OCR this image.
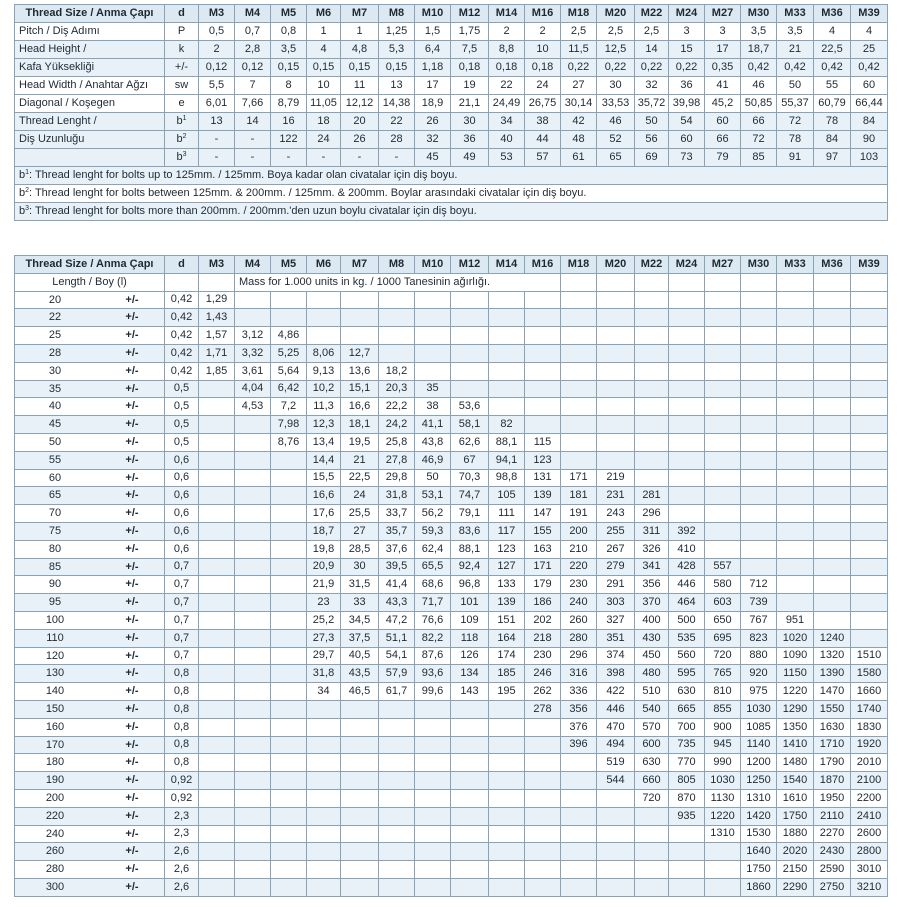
Thread Size / Anma Çapı	d	M3	M4	M5	M6	M7	M8	M10	M12	M14	M16	M18	M20	M22	M24	M27	M30	M33	M36	M39
Pitch / Diş Adımı	P	0,5	0,7	0,8	1	1	1,25	1,5	1,75	2	2	2,5	2,5	2,5	3	3	3,5	3,5	4	4
Head Height /	k	2	2,8	3,5	4	4,8	5,3	6,4	7,5	8,8	10	11,5	12,5	14	15	17	18,7	21	22,5	25
Kafa Yüksekliği	+/-	0,12	0,12	0,15	0,15	0,15	0,15	1,18	0,18	0,18	0,18	0,22	0,22	0,22	0,22	0,35	0,42	0,42	0,42	0,42
Head Width / Anahtar Ağzı	sw	5,5	7	8	10	11	13	17	19	22	24	27	30	32	36	41	46	50	55	60
Diagonal / Koşegen	e	6,01	7,66	8,79	11,05	12,12	14,38	18,9	21,1	24,49	26,75	30,14	33,53	35,72	39,98	45,2	50,85	55,37	60,79	66,44
Thread Lenght /	$b^1$	13	14	16	18	20	22	26	30	34	38	42	46	50	54	60	66	72	78	84
Diş Uzunluğu	$b^2$	-	-	122	24	26	28	32	36	40	44	48	52	56	60	66	72	78	84	90
	$b^3$	-	-	-	-	-	-	45	49	53	57	61	65	69	73	79	85	91	97	103
$b^1$: Thread lenght for bolts up to 125mm. / 125mm. Boya kadar olan civatalar için diş boyu.																				
$b^2$: Thread lenght for bolts between 125mm. & 200mm. / 125mm. & 200mm. Boylar arasındaki civatalar için diş boyu.																				
$b^3$: Thread lenght for bolts more than 200mm. / 200mm.'den uzun boylu civatalar için diş boyu.																				
Thread Size / Anma Çapı	d	M3	M4	M5	M6	M7	M8	M10	M12	M14	M16	M18	M20	M22	M24	M27	M30	M33	M36	M39
Length / Boy (l)			Mass for 1.000 units in kg. / 1000 Tanesinin ağırlığı.																	

20 +/-	0,42	1,29																		

22 +/-	0,42	1,43																		

25 +/-	0,42	1,57	3,12	4,86																

28 +/-	0,42	1,71	3,32	5,25	8,06	12,7														

30 +/-	0,42	1,85	3,61	5,64	9,13	13,6	18,2													

35 +/-	0,5		4,04	6,42	10,2	15,1	20,3	35												

40 +/-	0,5		4,53	7,2	11,3	16,6	22,2	38	53,6											

45 +/-	0,5			7,98	12,3	18,1	24,2	41,1	58,1	82										

50 +/-	0,5			8,76	13,4	19,5	25,8	43,8	62,6	88,1	115									

55 +/-	0,6				14,4	21	27,8	46,9	67	94,1	123									

60 +/-	0,6				15,5	22,5	29,8	50	70,3	98,8	131	171	219							

65 +/-	0,6				16,6	24	31,8	53,1	74,7	105	139	181	231	281						

70 +/-	0,6				17,6	25,5	33,7	56,2	79,1	111	147	191	243	296						

75 +/-	0,6				18,7	27	35,7	59,3	83,6	117	155	200	255	311	392					

80 +/-	0,6				19,8	28,5	37,6	62,4	88,1	123	163	210	267	326	410					

85 +/-	0,7				20,9	30	39,5	65,5	92,4	127	171	220	279	341	428	557				

90 +/-	0,7				21,9	31,5	41,4	68,6	96,8	133	179	230	291	356	446	580	712			

95 +/-	0,7				23	33	43,3	71,7	101	139	186	240	303	370	464	603	739			

100 +/-	0,7				25,2	34,5	47,2	76,6	109	151	202	260	327	400	500	650	767	951		

110 +/-	0,7				27,3	37,5	51,1	82,2	118	164	218	280	351	430	535	695	823	1020	1240	

120 +/-	0,7				29,7	40,5	54,1	87,6	126	174	230	296	374	450	560	720	880	1090	1320	1510

130 +/-	0,8				31,8	43,5	57,9	93,6	134	185	246	316	398	480	595	765	920	1150	1390	1580

140 +/-	0,8				34	46,5	61,7	99,6	143	195	262	336	422	510	630	810	975	1220	1470	1660

150 +/-	0,8										278	356	446	540	665	855	1030	1290	1550	1740

160 +/-	0,8											376	470	570	700	900	1085	1350	1630	1830

170 +/-	0,8											396	494	600	735	945	1140	1410	1710	1920

180 +/-	0,8												519	630	770	990	1200	1480	1790	2010

190 +/-	0,92												544	660	805	1030	1250	1540	1870	2100

200 +/-	0,92													720	870	1130	1310	1610	1950	2200

220 +/-	2,3														935	1220	1420	1750	2110	2410

240 +/-	2,3															1310	1530	1880	2270	2600

260 +/-	2,6																1640	2020	2430	2800

280 +/-	2,6																1750	2150	2590	3010

300 +/-	2,6																1860	2290	2750	3210
